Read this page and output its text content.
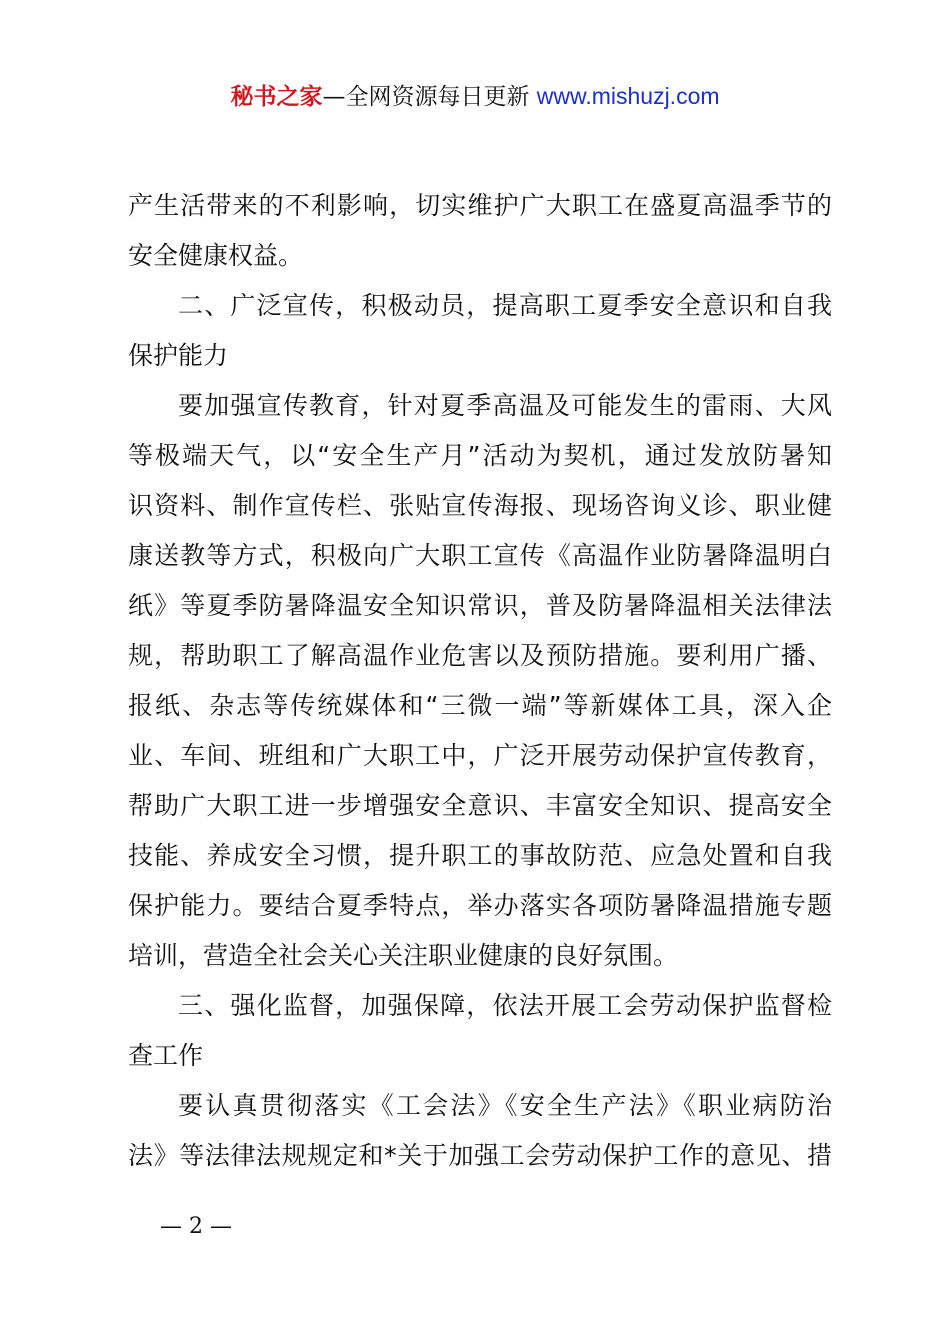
秘书之家—全网资源每日更新 www.mishuzj.com
产生活带来的不利影响，切实维护广大职工在盛夏高温季节的
安全健康权益。
二、广泛宣传，积极动员，提高职工夏季安全意识和自我
保护能力
要加强宣传教育，针对夏季高温及可能发生的雷雨、大风
等极端天气，以“安全生产月”活动为契机，通过发放防暑知
识资料、制作宣传栏、张贴宣传海报、现场咨询义诊、职业健
康送教等方式，积极向广大职工宣传《高温作业防暑降温明白
纸》等夏季防暑降温安全知识常识，普及防暑降温相关法律法
规，帮助职工了解高温作业危害以及预防措施。要利用广播、
报纸、杂志等传统媒体和“三微一端”等新媒体工具，深入企
业、车间、班组和广大职工中，广泛开展劳动保护宣传教育，
帮助广大职工进一步增强安全意识、丰富安全知识、提高安全
技能、养成安全习惯，提升职工的事故防范、应急处置和自我
保护能力。要结合夏季特点，举办落实各项防暑降温措施专题
培训，营造全社会关心关注职业健康的良好氛围。
三、强化监督，加强保障，依法开展工会劳动保护监督检
查工作
要认真贯彻落实《工会法》《安全生产法》《职业病防治
法》等法律法规规定和*关于加强工会劳动保护工作的意见、措
— 2 —
